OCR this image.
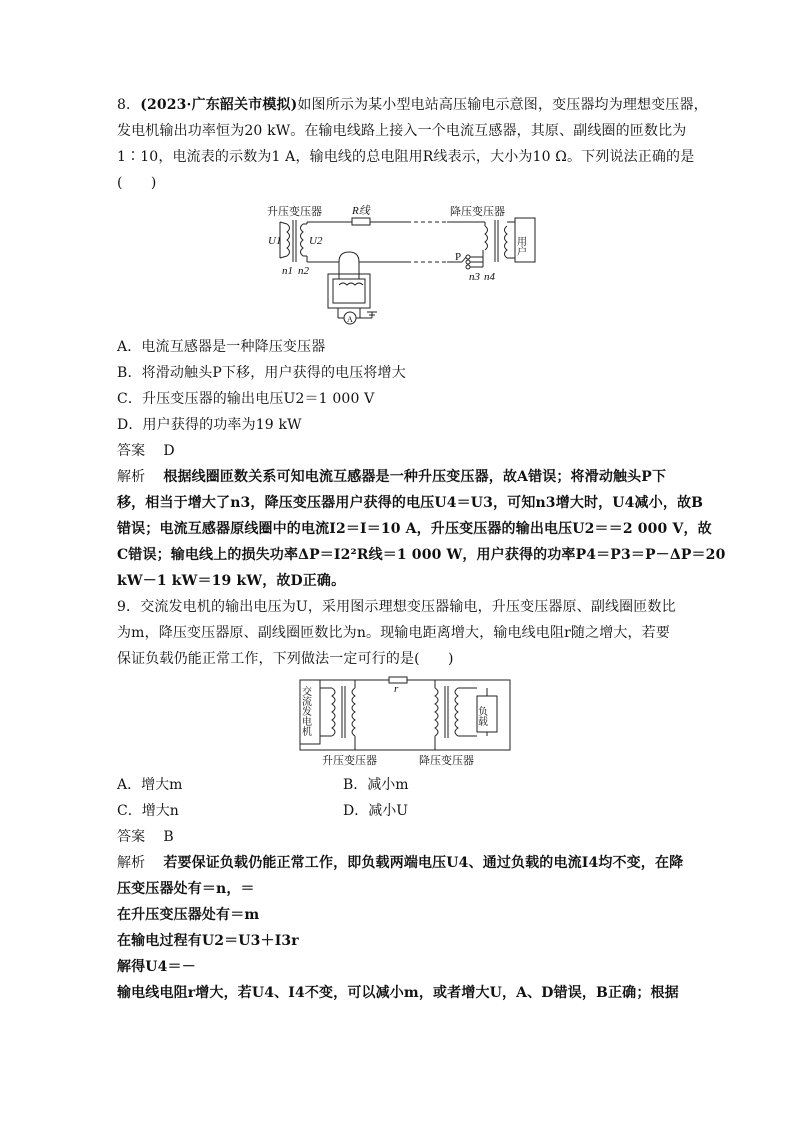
8．(2023·广东韶关市模拟)如图所示为某小型电站高压输电示意图，变压器均为理想变压器，
发电机输出功率恒为20 kW。在输电线路上接入一个电流互感器，其原、副线圈的匝数比为
1∶10，电流表的示数为1 A，输电线的总电阻用R线表示，大小为10 Ω。下列说法正确的是
(　　)
升压变压器	R线	降压变压器
U1	U2
n1 n2
P
n3 n4
用户
A
A．电流互感器是一种降压变压器
B．将滑动触头P下移，用户获得的电压将增大
C．升压变压器的输出电压U2＝1 000 V
D．用户获得的功率为19 kW
答案 D
解析 根据线圈匝数关系可知电流互感器是一种升压变压器，故A错误；将滑动触头P下
移，相当于增大了n3，降压变压器用户获得的电压U4＝U3，可知n3增大时，U4减小，故B
错误；电流互感器原线圈中的电流I2＝I＝10 A，升压变压器的输出电压U2＝＝2 000 V，故
C错误；输电线上的损失功率ΔP＝I2²R线＝1 000 W，用户获得的功率P4＝P3＝P－ΔP＝20
kW－1 kW＝19 kW，故D正确。
9．交流发电机的输出电压为U，采用图示理想变压器输电，升压变压器原、副线圈匝数比
为m，降压变压器原、副线圈匝数比为n。现输电距离增大，输电线电阻r随之增大，若要
保证负载仍能正常工作，下列做法一定可行的是(　　)
交流发电机	负载
r
升压变压器	降压变压器
A．增大m	B．减小m
C．增大n	D．减小U
答案 B
解析 若要保证负载仍能正常工作，即负载两端电压U4、通过负载的电流I4均不变，在降
压变压器处有＝n，＝
在升压变压器处有＝m
在输电过程有U2＝U3＋I3r
解得U4＝－
输电线电阻r增大，若U4、I4不变，可以减小m，或者增大U，A、D错误，B正确；根据
